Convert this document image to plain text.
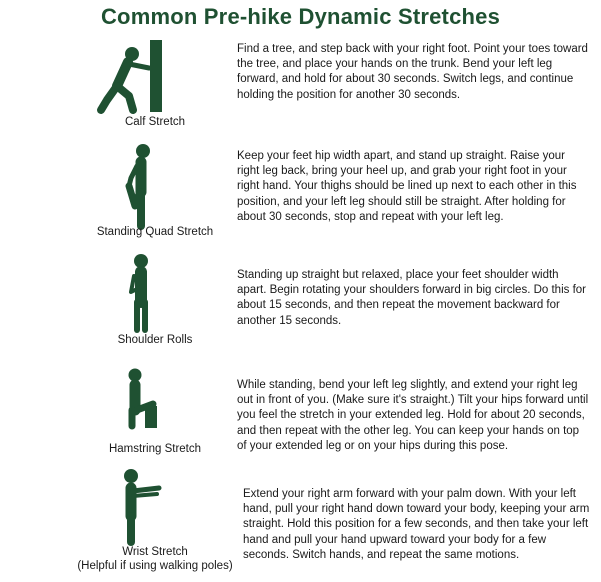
Common Pre-hike Dynamic Stretches
Calf Stretch
Find a tree, and step back with your right foot. Point your toes toward the tree, and place your hands on the trunk. Bend your left leg forward, and hold for about 30 seconds. Switch legs, and continue holding the position for another 30 seconds.
Standing Quad Stretch
Keep your feet hip width apart, and stand up straight. Raise your right leg back, bring your heel up, and grab your right foot in your right hand. Your thighs should be lined up next to each other in this position, and your left leg should still be straight. After holding for about 30 seconds, stop and repeat with your left leg.
Shoulder Rolls
Standing up straight but relaxed, place your feet shoulder width apart. Begin rotating your shoulders forward in big circles. Do this for about 15 seconds, and then repeat the movement backward for another 15 seconds.
Hamstring Stretch
While standing, bend your left leg slightly, and extend your right leg out in front of you. (Make sure it's straight.) Tilt your hips forward until you feel the stretch in your extended leg. Hold for about 20 seconds, and then repeat with the other leg. You can keep your hands on top of your extended leg or on your hips during this pose.
Wrist Stretch
(Helpful if using walking poles)
Extend your right arm forward with your palm down. With your left hand, pull your right hand down toward your body, keeping your arm straight. Hold this position for a few seconds, and then take your left hand and pull your hand upward toward your body for a few seconds. Switch hands, and repeat the same motions.
